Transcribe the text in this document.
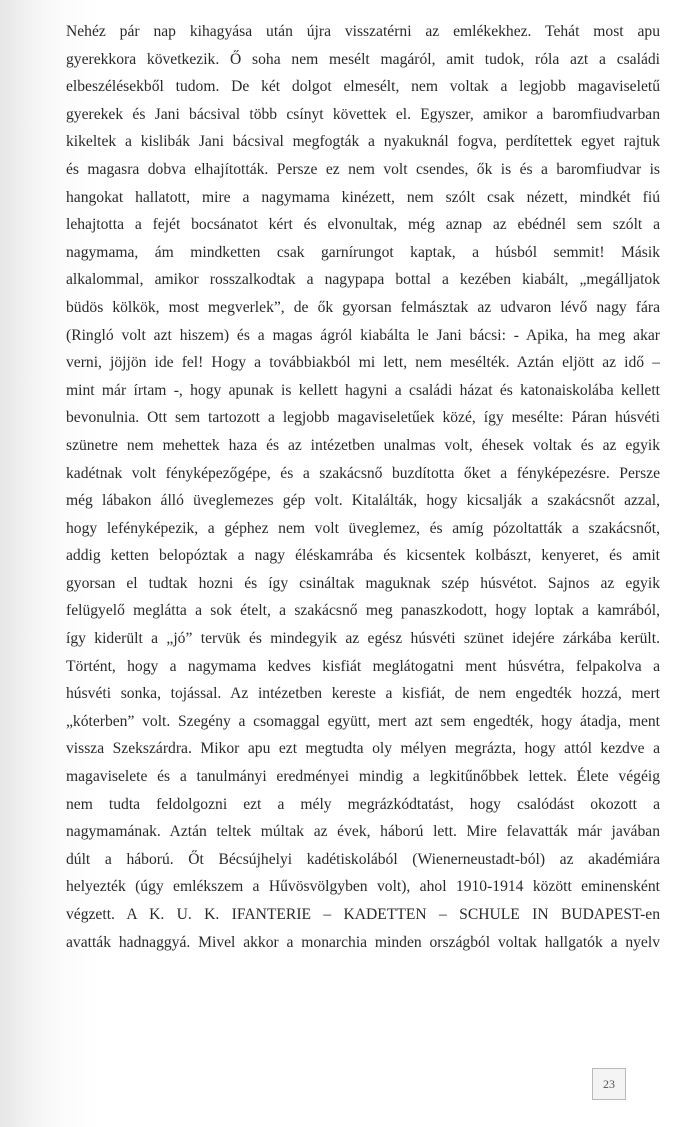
Nehéz pár nap kihagyása után újra visszatérni az emlékekhez. Tehát most apu
gyerekkora következik. Ő soha nem mesélt magáról, amit tudok, róla azt a családi
elbeszélésekből tudom. De két dolgot elmesélt, nem voltak a legjobb magaviseletű
gyerekek és Jani bácsival több csínyt követtek el. Egyszer, amikor a baromfiudvarban
kikeltek a kislibák Jani bácsival megfogták a nyakuknál fogva, perdítettek egyet rajtuk
és magasra dobva elhajították. Persze ez nem volt csendes, ők is és a baromfiudvar is
hangokat hallatott, mire a nagymama kinézett, nem szólt csak nézett, mindkét fiú
lehajtotta a fejét bocsánatot kért és elvonultak, még aznap az ebédnél sem szólt a
nagymama, ám mindketten csak garnírungot kaptak, a húsból semmit! Másik
alkalommal, amikor rosszalkodtak a nagypapa bottal a kezében kiabált, „megálljatok
büdös kölkök, most megverlek”, de ők gyorsan felmásztak az udvaron lévő nagy fára
(Ringló volt azt hiszem) és a magas ágról kiabálta le Jani bácsi: - Apika, ha meg akar
verni, jöjjön ide fel! Hogy a továbbiakból mi lett, nem mesélték. Aztán eljött az idő –
mint már írtam -, hogy apunak is kellett hagyni a családi házat és katonaiskolába kellett
bevonulnia. Ott sem tartozott a legjobb magaviseletűek közé, így mesélte: Páran húsvéti
szünetre nem mehettek haza és az intézetben unalmas volt, éhesek voltak és az egyik
kadétnak volt fényképezőgépe, és a szakácsnő buzdította őket a fényképezésre. Persze
még lábakon álló üveglemezes gép volt. Kitalálták, hogy kicsalják a szakácsnőt azzal,
hogy lefényképezik, a géphez nem volt üveglemez, és amíg pózoltatták a szakácsnőt,
addig ketten belopóztak a nagy éléskamrába és kicsentek kolbászt, kenyeret, és amit
gyorsan el tudtak hozni és így csináltak maguknak szép húsvétot. Sajnos az egyik
felügyelő meglátta a sok ételt, a szakácsnő meg panaszkodott, hogy loptak a kamrából,
így kiderült a „jó” tervük és mindegyik az egész húsvéti szünet idejére zárkába került.
Történt, hogy a nagymama kedves kisfiát meglátogatni ment húsvétra, felpakolva a
húsvéti sonka, tojással. Az intézetben kereste a kisfiát, de nem engedték hozzá, mert
„kóterben” volt. Szegény a csomaggal együtt, mert azt sem engedték, hogy átadja, ment
vissza Szekszárdra. Mikor apu ezt megtudta oly mélyen megrázta, hogy attól kezdve a
magaviselete és a tanulmányi eredményei mindig a legkitűnőbbek lettek. Élete végéig
nem tudta feldolgozni ezt a mély megrázkódtatást, hogy csalódást okozott a
nagymamának. Aztán teltek múltak az évek, háború lett. Mire felavatták már javában
dúlt a háború. Őt Bécsújhelyi kadétiskolából (Wienerneustadt-ból) az akadémiára
helyezték (úgy emlékszem a Hűvösvölgyben volt), ahol 1910-1914 között eminensként
végzett. A K. U. K. IFANTERIE – KADETTEN – SCHULE IN BUDAPEST-en
avatták hadnaggyá. Mivel akkor a monarchia minden országból voltak hallgatók a nyelv
23
